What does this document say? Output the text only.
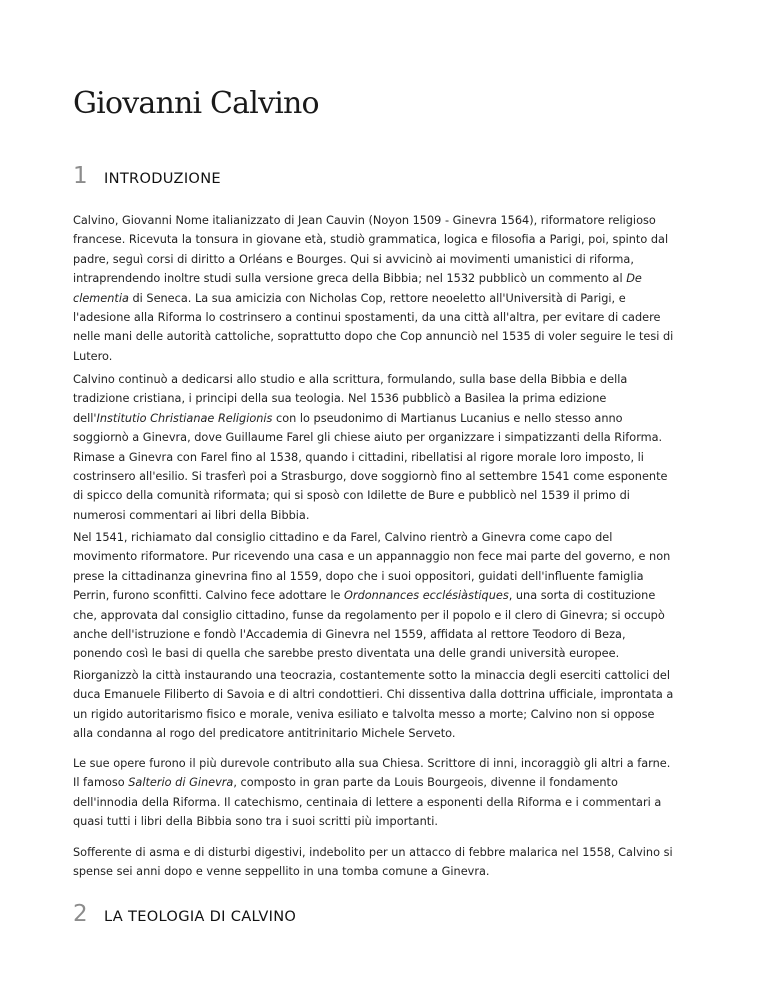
Giovanni Calvino
1 INTRODUZIONE

Calvino, Giovanni Nome italianizzato di Jean Cauvin (Noyon 1509 - Ginevra 1564), riformatore religioso
francese. Ricevuta la tonsura in giovane età, studiò grammatica, logica e filosofia a Parigi, poi, spinto dal
padre, seguì corsi di diritto a Orléans e Bourges. Qui si avvicinò ai movimenti umanistici di riforma,
intraprendendo inoltre studi sulla versione greca della Bibbia; nel 1532 pubblicò un commento al De
clementia di Seneca. La sua amicizia con Nicholas Cop, rettore neoeletto all'Università di Parigi, e
l'adesione alla Riforma lo costrinsero a continui spostamenti, da una città all'altra, per evitare di cadere
nelle mani delle autorità cattoliche, soprattutto dopo che Cop annunciò nel 1535 di voler seguire le tesi di
Lutero.

Calvino continuò a dedicarsi allo studio e alla scrittura, formulando, sulla base della Bibbia e della
tradizione cristiana, i principi della sua teologia. Nel 1536 pubblicò a Basilea la prima edizione
dell'Institutio Christianae Religionis con lo pseudonimo di Martianus Lucanius e nello stesso anno
soggiornò a Ginevra, dove Guillaume Farel gli chiese aiuto per organizzare i simpatizzanti della Riforma.
Rimase a Ginevra con Farel fino al 1538, quando i cittadini, ribellatisi al rigore morale loro imposto, li
costrinsero all'esilio. Si trasferì poi a Strasburgo, dove soggiornò fino al settembre 1541 come esponente
di spicco della comunità riformata; qui si sposò con Idilette de Bure e pubblicò nel 1539 il primo di
numerosi commentari ai libri della Bibbia.

Nel 1541, richiamato dal consiglio cittadino e da Farel, Calvino rientrò a Ginevra come capo del
movimento riformatore. Pur ricevendo una casa e un appannaggio non fece mai parte del governo, e non
prese la cittadinanza ginevrina fino al 1559, dopo che i suoi oppositori, guidati dell'influente famiglia
Perrin, furono sconfitti. Calvino fece adottare le Ordonnances ecclésiàstiques, una sorta di costituzione
che, approvata dal consiglio cittadino, funse da regolamento per il popolo e il clero di Ginevra; si occupò
anche dell'istruzione e fondò l'Accademia di Ginevra nel 1559, affidata al rettore Teodoro di Beza,
ponendo così le basi di quella che sarebbe presto diventata una delle grandi università europee.

Riorganizzò la città instaurando una teocrazia, costantemente sotto la minaccia degli eserciti cattolici del
duca Emanuele Filiberto di Savoia e di altri condottieri. Chi dissentiva dalla dottrina ufficiale, improntata a
un rigido autoritarismo fisico e morale, veniva esiliato e talvolta messo a morte; Calvino non si oppose
alla condanna al rogo del predicatore antitrinitario Michele Serveto.

Le sue opere furono il più durevole contributo alla sua Chiesa. Scrittore di inni, incoraggiò gli altri a farne.
Il famoso Salterio di Ginevra, composto in gran parte da Louis Bourgeois, divenne il fondamento
dell'innodia della Riforma. Il catechismo, centinaia di lettere a esponenti della Riforma e i commentari a
quasi tutti i libri della Bibbia sono tra i suoi scritti più importanti.

Sofferente di asma e di disturbi digestivi, indebolito per un attacco di febbre malarica nel 1558, Calvino si
spense sei anni dopo e venne seppellito in una tomba comune a Ginevra.

2 LA TEOLOGIA DI CALVINO
